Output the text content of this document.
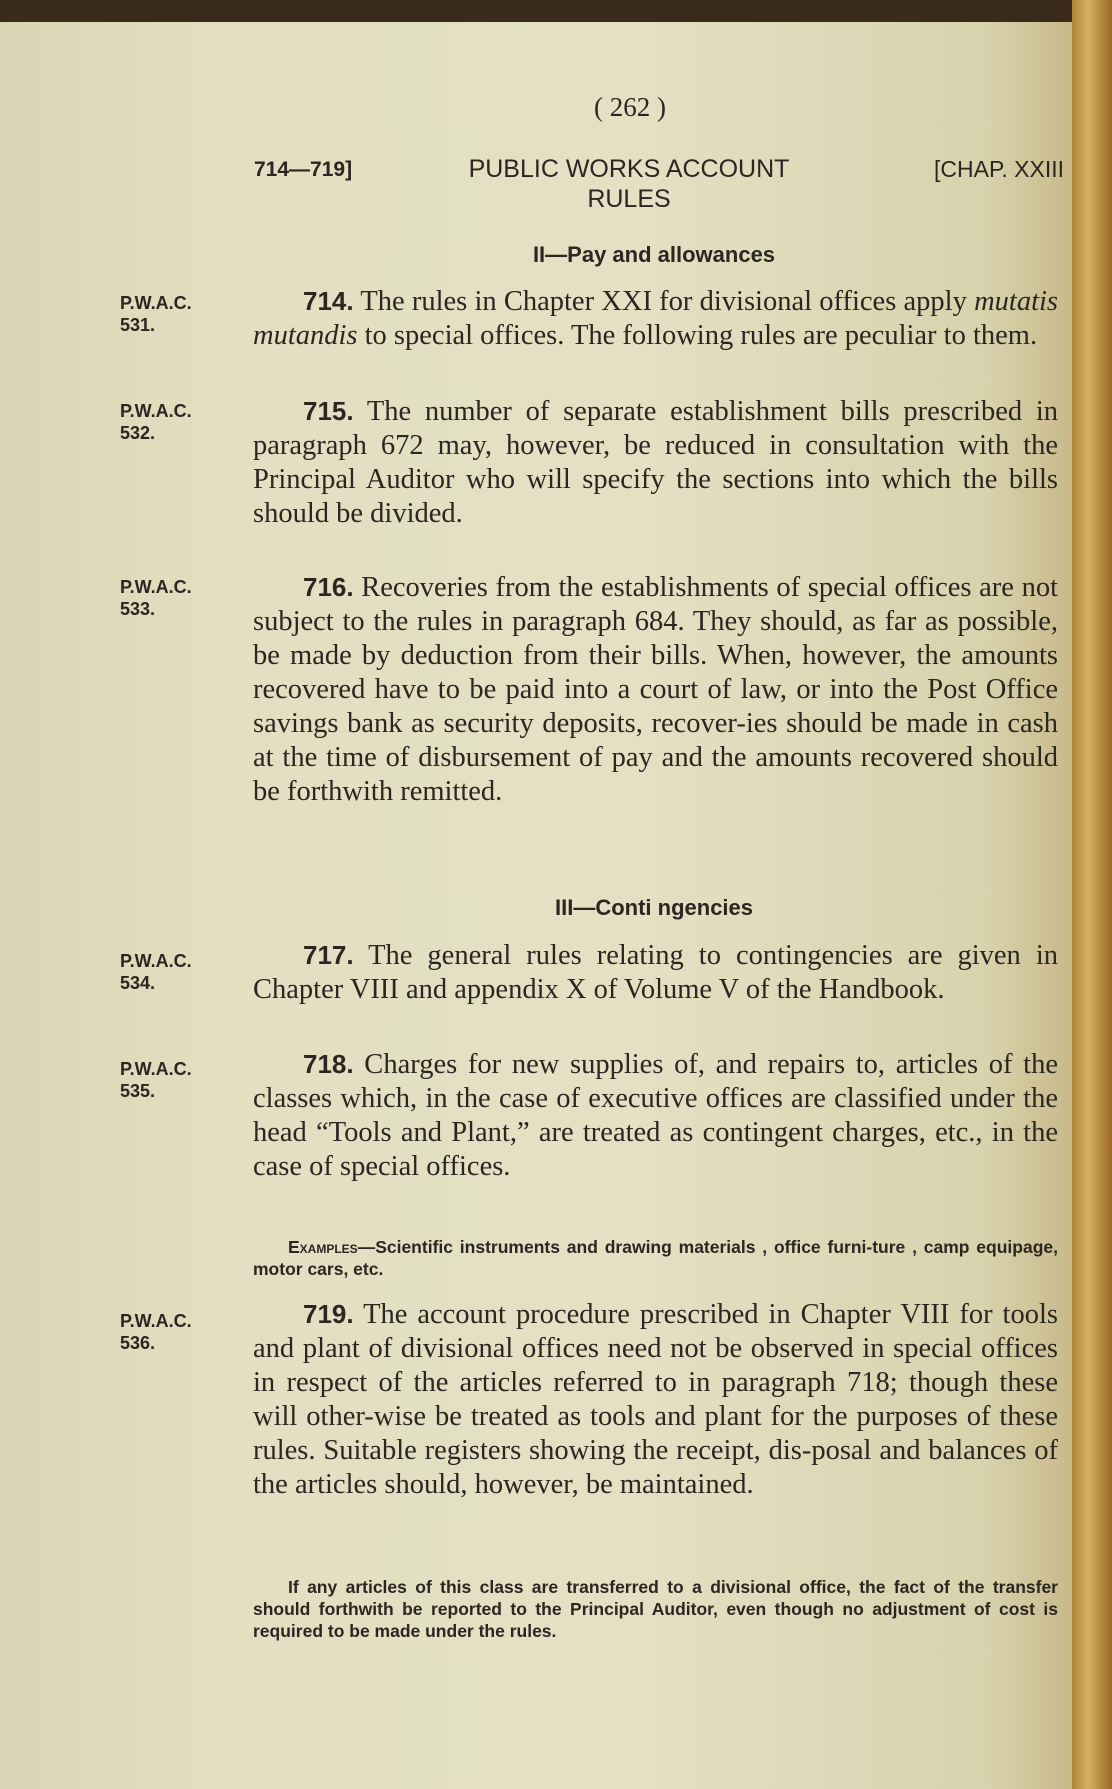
( 262 )
714—719]	PUBLIC WORKS ACCOUNT RULES
[CHAP. XXIII
II—Pay and allowances
P.W.A.C.
531.
714. The rules in Chapter XXI for divisional offices apply mutatis mutandis to special offices. The following rules are peculiar to them.
P.W.A.C.
532.
715. The number of separate establishment bills prescribed in paragraph 672 may, however, be reduced in consultation with the Principal Auditor who will specify the sections into which the bills should be divided.
P.W.A.C.
533.
716. Recoveries from the establishments of special offices are not subject to the rules in paragraph 684. They should, as far as possible, be made by deduction from their bills. When, however, the amounts recovered have to be paid into a court of law, or into the Post Office savings bank as security deposits, recover-ies should be made in cash at the time of disbursement of pay and the amounts recovered should be forthwith remitted.
III—Conti ngencies
P.W.A.C.
534.
717. The general rules relating to contingencies are given in Chapter VIII and appendix X of Volume V of the Handbook.
P.W.A.C.
535.
718. Charges for new supplies of, and repairs to, articles of the classes which, in the case of executive offices are classified under the head “Tools and Plant,” are treated as contingent charges, etc., in the case of special offices.
Examples—Scientific instruments and drawing materials , office furni-ture , camp equipage, motor cars, etc.
P.W.A.C.
536.
719. The account procedure prescribed in Chapter VIII for tools and plant of divisional offices need not be observed in special offices in respect of the articles referred to in paragraph 718; though these will other-wise be treated as tools and plant for the purposes of these rules. Suitable registers showing the receipt, dis-posal and balances of the articles should, however, be maintained.
If any articles of this class are transferred to a divisional office, the fact of the transfer should forthwith be reported to the Principal Auditor, even though no adjustment of cost is required to be made under the rules.
